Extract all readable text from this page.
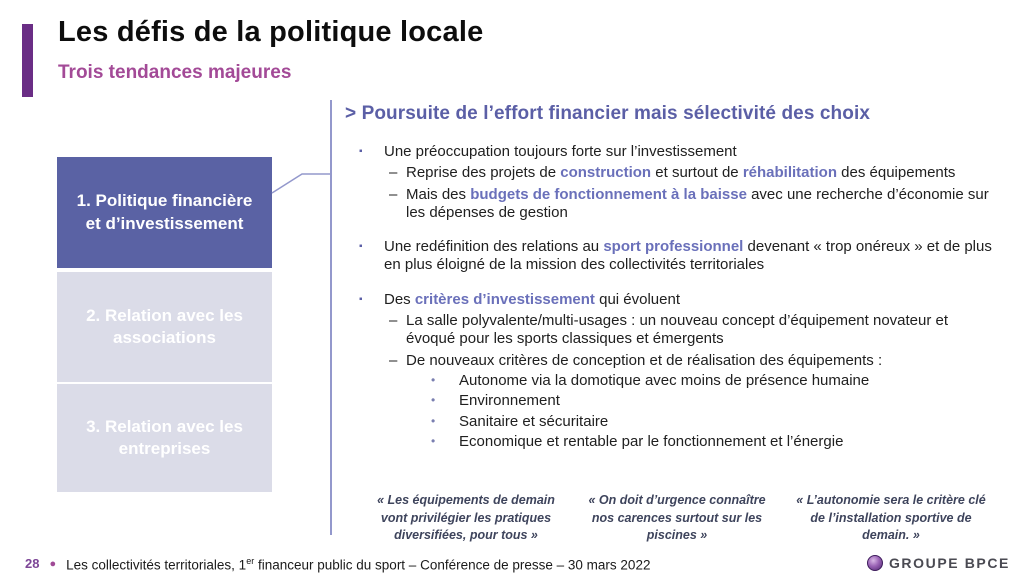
Les défis de la politique locale
Trois tendances majeures
1. Politique financière et d’investissement
2. Relation avec les associations
3. Relation avec les entreprises
> Poursuite de l’effort financier mais sélectivité des choix
▪	Une préoccupation toujours forte sur l’investissement
– Reprise des projets de construction et surtout de réhabilitation des équipements
– Mais des budgets de fonctionnement à la baisse avec une recherche d’économie sur les dépenses de gestion
▪	Une redéfinition des relations au sport professionnel devenant « trop onéreux » et de plus en plus éloigné de la mission des collectivités territoriales
▪	Des critères d’investissement qui évoluent
– La salle polyvalente/multi-usages : un nouveau concept d’équipement novateur et évoqué pour les sports classiques et émergents
– De nouveaux critères de conception et de réalisation des équipements :
•	Autonome via la domotique avec moins de présence humaine
•	Environnement
•	Sanitaire et sécuritaire
•	Economique et rentable par le fonctionnement et l’énergie
« Les équipements de demain vont privilégier les pratiques diversifiées, pour tous »
« On doit d’urgence connaître nos carences surtout sur les piscines »
« L’autonomie sera le critère clé de l’installation sportive de demain. »
28 ● Les collectivités territoriales, 1er financeur public du sport – Conférence de presse – 30 mars 2022	GROUPE BPCE
